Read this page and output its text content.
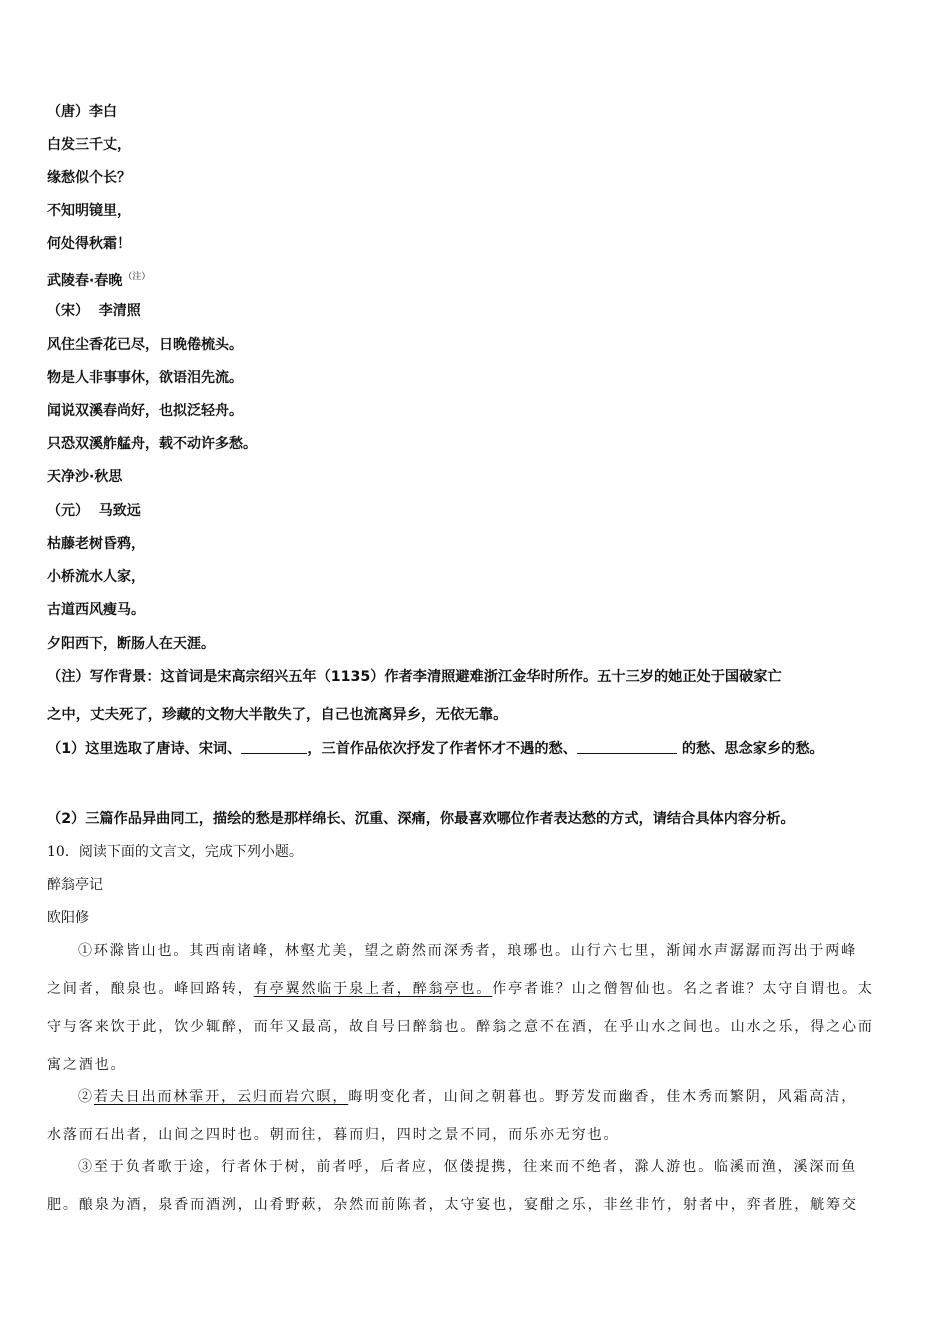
（唐）李白
白发三千丈，
缘愁似个长？
不知明镜里，
何处得秋霜！
武陵春·春晚$^{(注)}$
（宋）  李清照
风住尘香花已尽，日晚倦梳头。
物是人非事事休，欲语泪先流。
闻说双溪春尚好，也拟泛轻舟。
只恐双溪舴艋舟，载不动许多愁。
天净沙·秋思
（元）  马致远
枯藤老树昏鸦，
小桥流水人家，
古道西风瘦马。
夕阳西下，断肠人在天涯。
（注）写作背景：这首词是宋高宗绍兴五年（1135）作者李清照避难浙江金华时所作。五十三岁的她正处于国破家亡
之中，丈夫死了，珍藏的文物大半散失了，自己也流离异乡，无依无靠。
（1）这里选取了唐诗、宋词、	，三首作品依次抒发了作者怀才不遇的愁、	的愁、思念家乡的愁。
（2）三篇作品异曲同工，描绘的愁是那样绵长、沉重、深痛，你最喜欢哪位作者表达愁的方式，请结合具体内容分析。
10．阅读下面的文言文，完成下列小题。
醉翁亭记
欧阳修
①环滁皆山也。其西南诸峰，林壑尤美，望之蔚然而深秀者，琅琊也。山行六七里，渐闻水声潺潺而泻出于两峰
之间者，酿泉也。峰回路转，有亭翼然临于泉上者，醉翁亭也。作亭者谁？山之僧智仙也。名之者谁？太守自谓也。太
守与客来饮于此，饮少辄醉，而年又最高，故自号曰醉翁也。醉翁之意不在酒，在乎山水之间也。山水之乐，得之心而
寓之酒也。
②若夫日出而林霏开，云归而岩穴暝，晦明变化者，山间之朝暮也。野芳发而幽香，佳木秀而繁阴，风霜高洁，
水落而石出者，山间之四时也。朝而往，暮而归，四时之景不同，而乐亦无穷也。
③至于负者歌于途，行者休于树，前者呼，后者应，伛偻提携，往来而不绝者，滁人游也。临溪而渔，溪深而鱼
肥。酿泉为酒，泉香而酒洌，山肴野蔌，杂然而前陈者，太守宴也，宴酣之乐，非丝非竹，射者中，弈者胜，觥筹交
